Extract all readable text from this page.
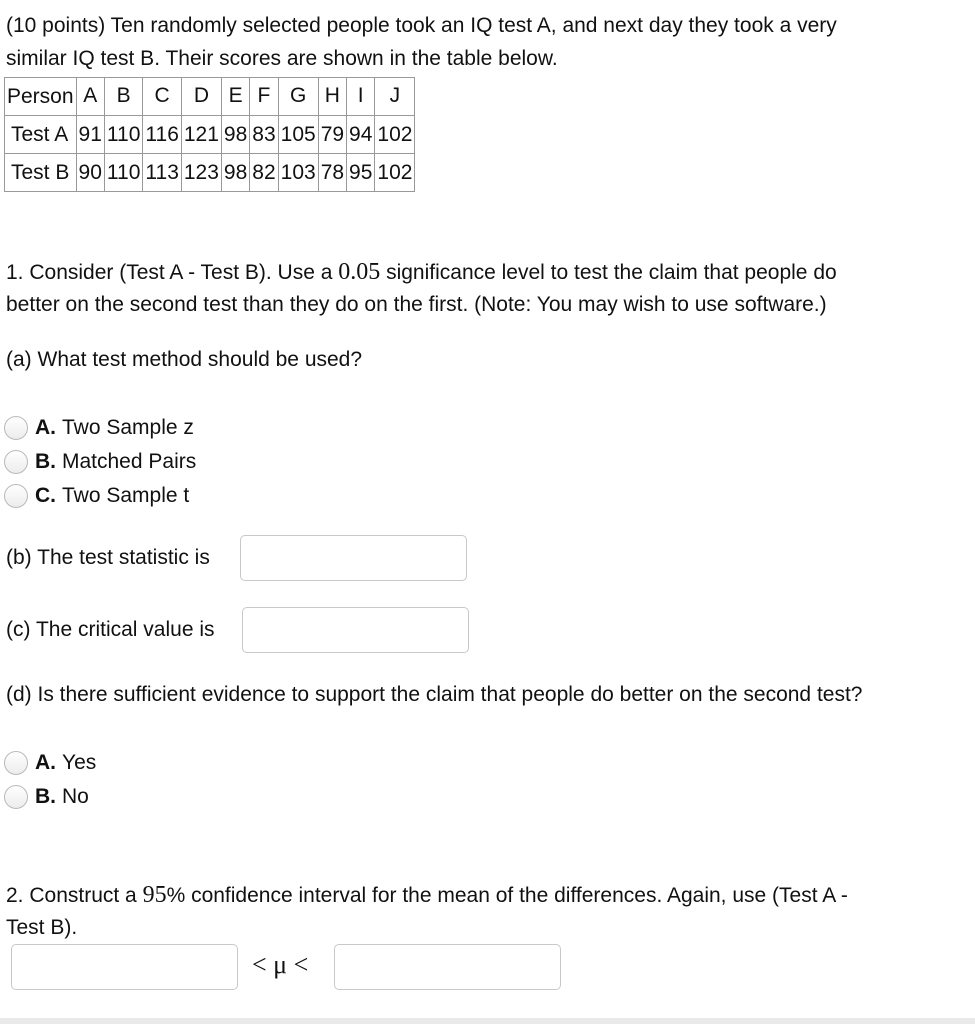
(10 points) Ten randomly selected people took an IQ test A, and next day they took a very
similar IQ test B. Their scores are shown in the table below.
Person	A	B	C	D	E	F	G	H	I	J
Test A	91	110	116	121	98	83	105	79	94	102
Test B	90	110	113	123	98	82	103	78	95	102
1. Consider (Test A - Test B). Use a 0.05 significance level to test the claim that people do
better on the second test than they do on the first. (Note: You may wish to use software.)
(a) What test method should be used?
A. Two Sample z
B. Matched Pairs
C. Two Sample t
(b) The test statistic is
(c) The critical value is
(d) Is there sufficient evidence to support the claim that people do better on the second test?
A. Yes
B. No
2. Construct a 95% confidence interval for the mean of the differences. Again, use (Test A -
Test B).
< μ <
